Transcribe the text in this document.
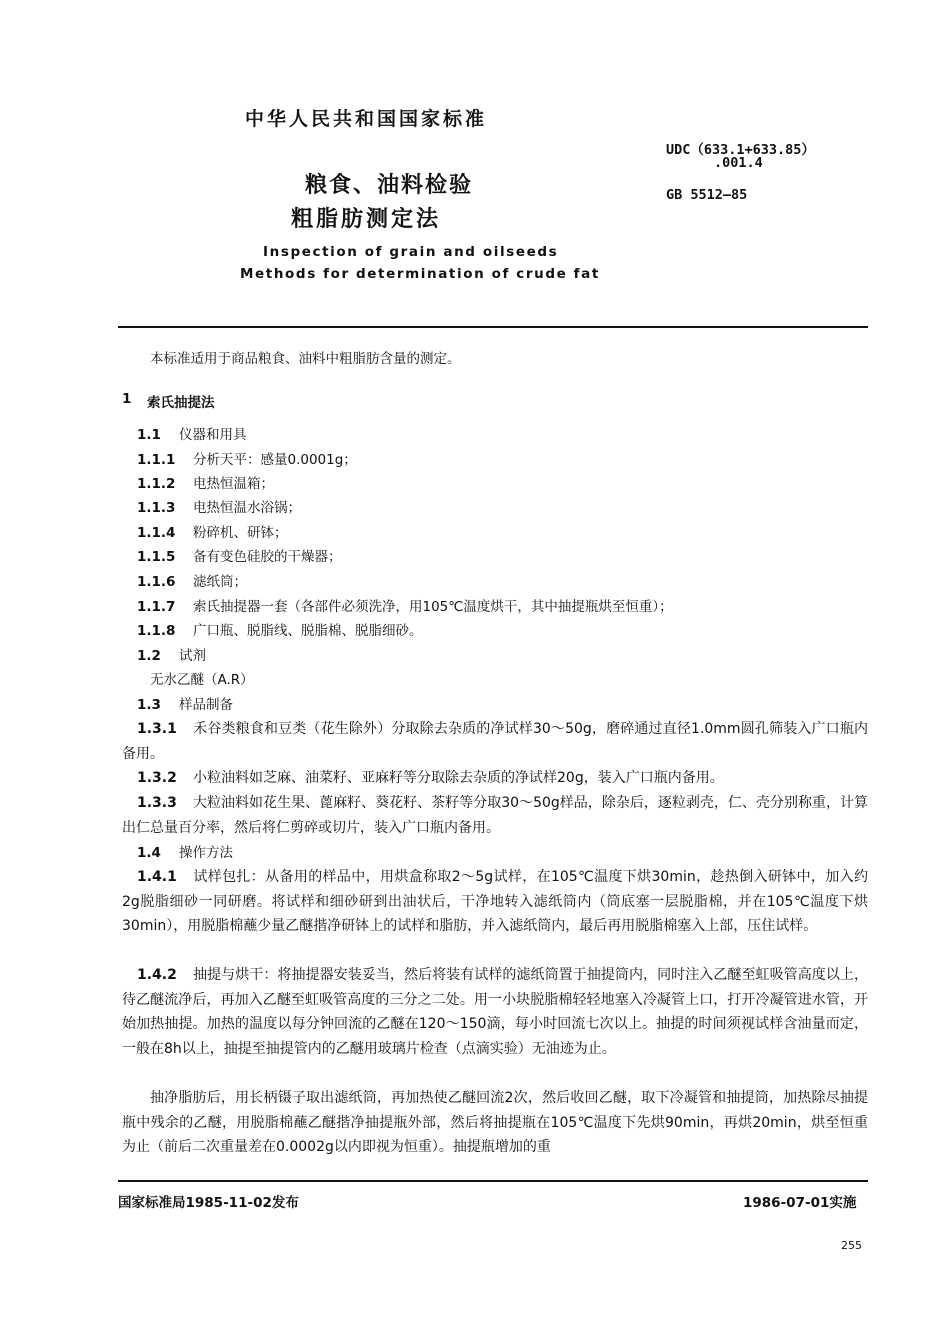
中华人民共和国国家标准
UDC（633.1+633.85）
.001.4
GB 5512—85
粮食、油料检验
粗脂肪测定法
Inspection of grain and oilseeds
Methods for determination of crude fat
本标准适用于商品粮食、油料中粗脂肪含量的测定。
1 索氏抽提法
1.1 仪器和用具
1.1.1 分析天平：感量0.0001g；
1.1.2 电热恒温箱；
1.1.3 电热恒温水浴锅；
1.1.4 粉碎机、研钵；
1.1.5 备有变色硅胶的干燥器；
1.1.6 滤纸筒；
1.1.7 索氏抽提器一套（各部件必须洗净，用105℃温度烘干，其中抽提瓶烘至恒重）；
1.1.8 广口瓶、脱脂线、脱脂棉、脱脂细砂。
1.2 试剂
无水乙醚（A.R）
1.3 样品制备
1.3.1 禾谷类粮食和豆类（花生除外）分取除去杂质的净试样30～50g，磨碎通过直径1.0mm圆孔筛装入广口瓶内备用。
1.3.2 小粒油料如芝麻、油菜籽、亚麻籽等分取除去杂质的净试样20g，装入广口瓶内备用。
1.3.3 大粒油料如花生果、蓖麻籽、葵花籽、茶籽等分取30～50g样品，除杂后，逐粒剥壳，仁、壳分别称重，计算出仁总量百分率，然后将仁剪碎或切片，装入广口瓶内备用。
1.4 操作方法
1.4.1 试样包扎：从备用的样品中，用烘盒称取2～5g试样，在105℃温度下烘30min，趁热倒入研钵中，加入约2g脱脂细砂一同研磨。将试样和细砂研到出油状后，干净地转入滤纸筒内（筒底塞一层脱脂棉，并在105℃温度下烘30min），用脱脂棉蘸少量乙醚揩净研钵上的试样和脂肪，并入滤纸筒内，最后再用脱脂棉塞入上部，压住试样。
1.4.2 抽提与烘干：将抽提器安装妥当，然后将装有试样的滤纸筒置于抽提筒内，同时注入乙醚至虹吸管高度以上，待乙醚流净后，再加入乙醚至虹吸管高度的三分之二处。用一小块脱脂棉轻轻地塞入冷凝管上口，打开冷凝管进水管，开始加热抽提。加热的温度以每分钟回流的乙醚在120～150滴，每小时回流七次以上。抽提的时间须视试样含油量而定，一般在8h以上，抽提至抽提管内的乙醚用玻璃片检查（点滴实验）无油迹为止。
抽净脂肪后，用长柄镊子取出滤纸筒，再加热使乙醚回流2次，然后收回乙醚，取下冷凝管和抽提筒，加热除尽抽提瓶中残余的乙醚，用脱脂棉蘸乙醚揩净抽提瓶外部，然后将抽提瓶在105℃温度下先烘90min，再烘20min，烘至恒重为止（前后二次重量差在0.0002g以内即视为恒重）。抽提瓶增加的重
国家标准局1985-11-02发布	1986-07-01实施
255
